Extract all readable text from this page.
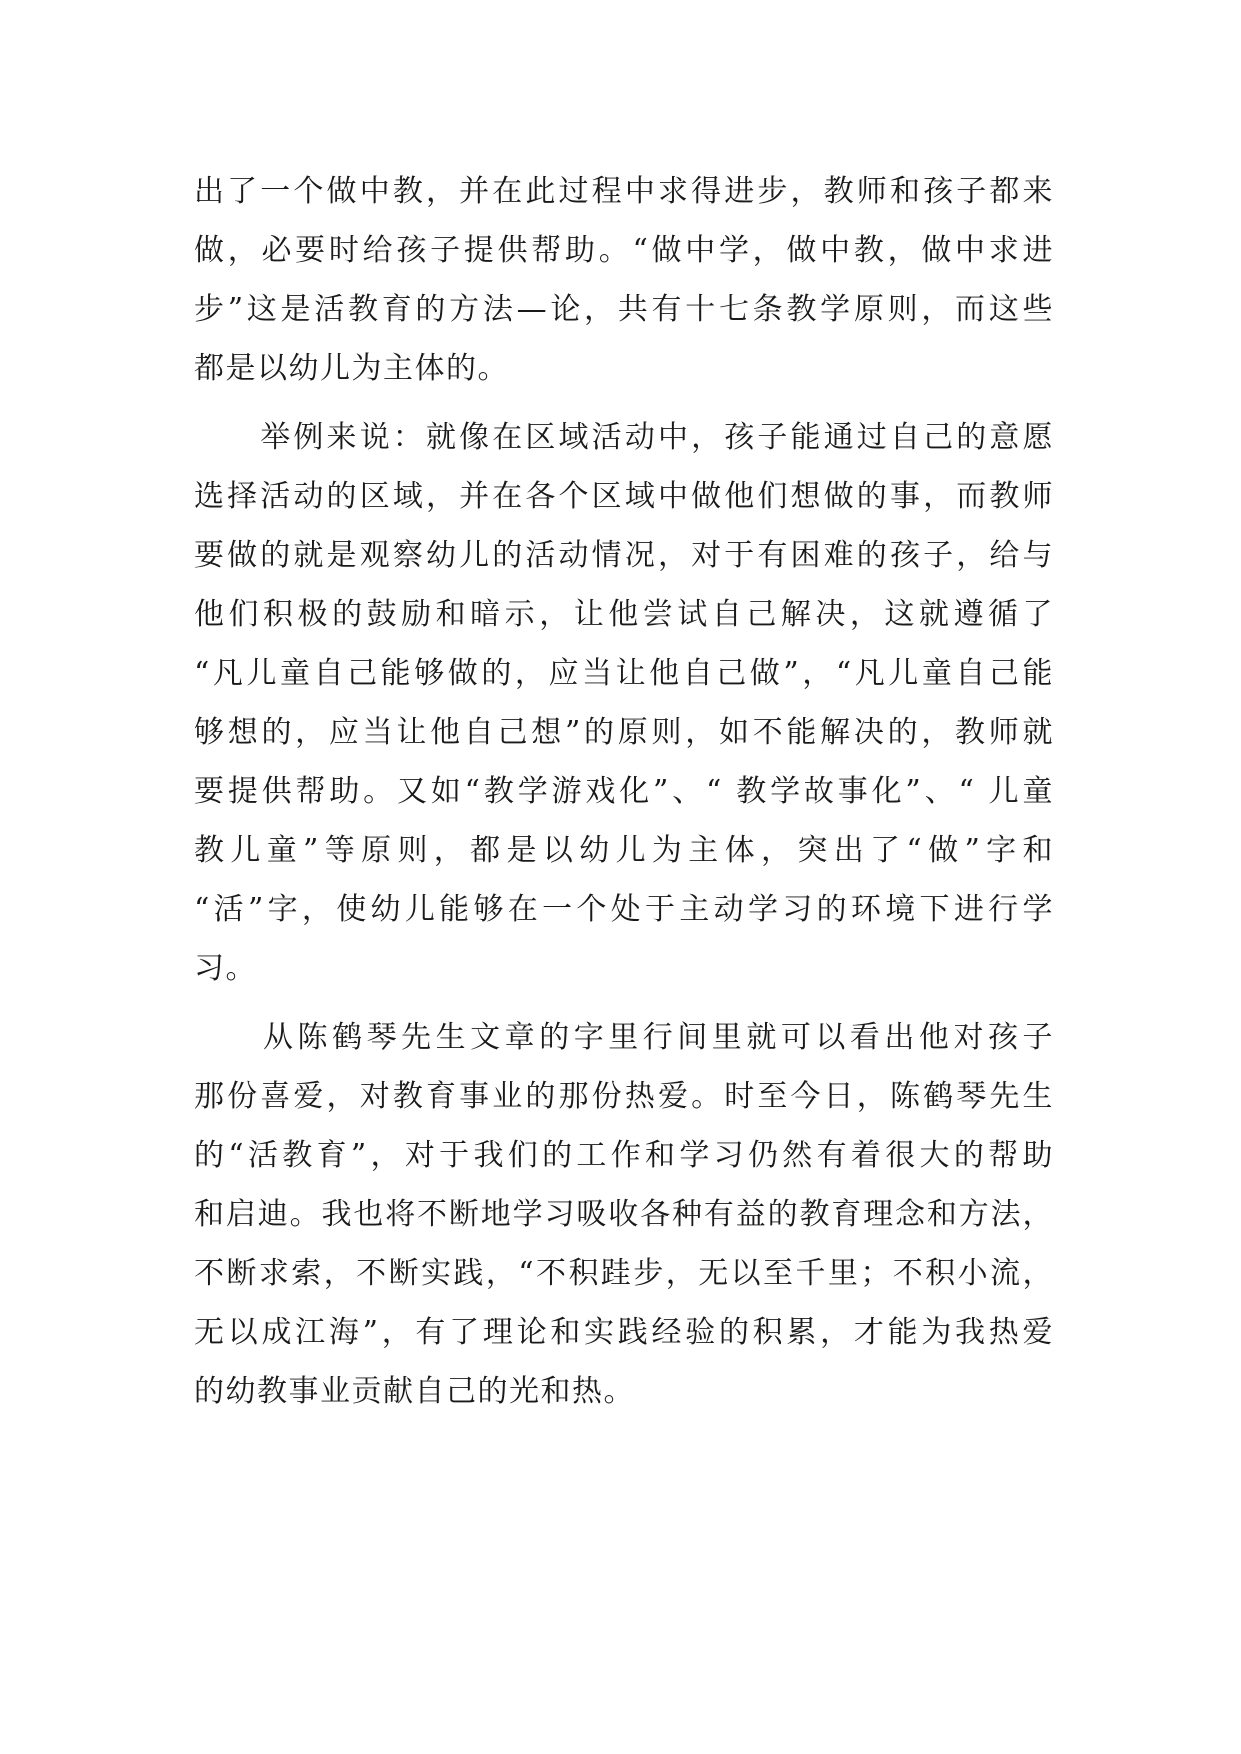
出了一个做中教，并在此过程中求得进步，教师和孩子都来
做，必要时给孩子提供帮助。“做中学，做中教，做中求进
步”这是活教育的方法—论，共有十七条教学原则，而这些
都是以幼儿为主体的。
　　举例来说：就像在区域活动中，孩子能通过自己的意愿
选择活动的区域，并在各个区域中做他们想做的事，而教师
要做的就是观察幼儿的活动情况，对于有困难的孩子，给与
他们积极的鼓励和暗示，让他尝试自己解决，这就遵循了
“凡儿童自己能够做的，应当让他自己做”，“凡儿童自己能
够想的，应当让他自己想”的原则，如不能解决的，教师就
要提供帮助。又如“教学游戏化”、“ 教学故事化”、“ 儿童
教儿童”等原则，都是以幼儿为主体，突出了“做”字和
“活”字，使幼儿能够在一个处于主动学习的环境下进行学
习。
　　从陈鹤琴先生文章的字里行间里就可以看出他对孩子
那份喜爱，对教育事业的那份热爱。时至今日，陈鹤琴先生
的“活教育”，对于我们的工作和学习仍然有着很大的帮助
和启迪。我也将不断地学习吸收各种有益的教育理念和方法，
不断求索，不断实践，“不积跬步，无以至千里；不积小流，
无以成江海”，有了理论和实践经验的积累，才能为我热爱
的幼教事业贡献自己的光和热。
